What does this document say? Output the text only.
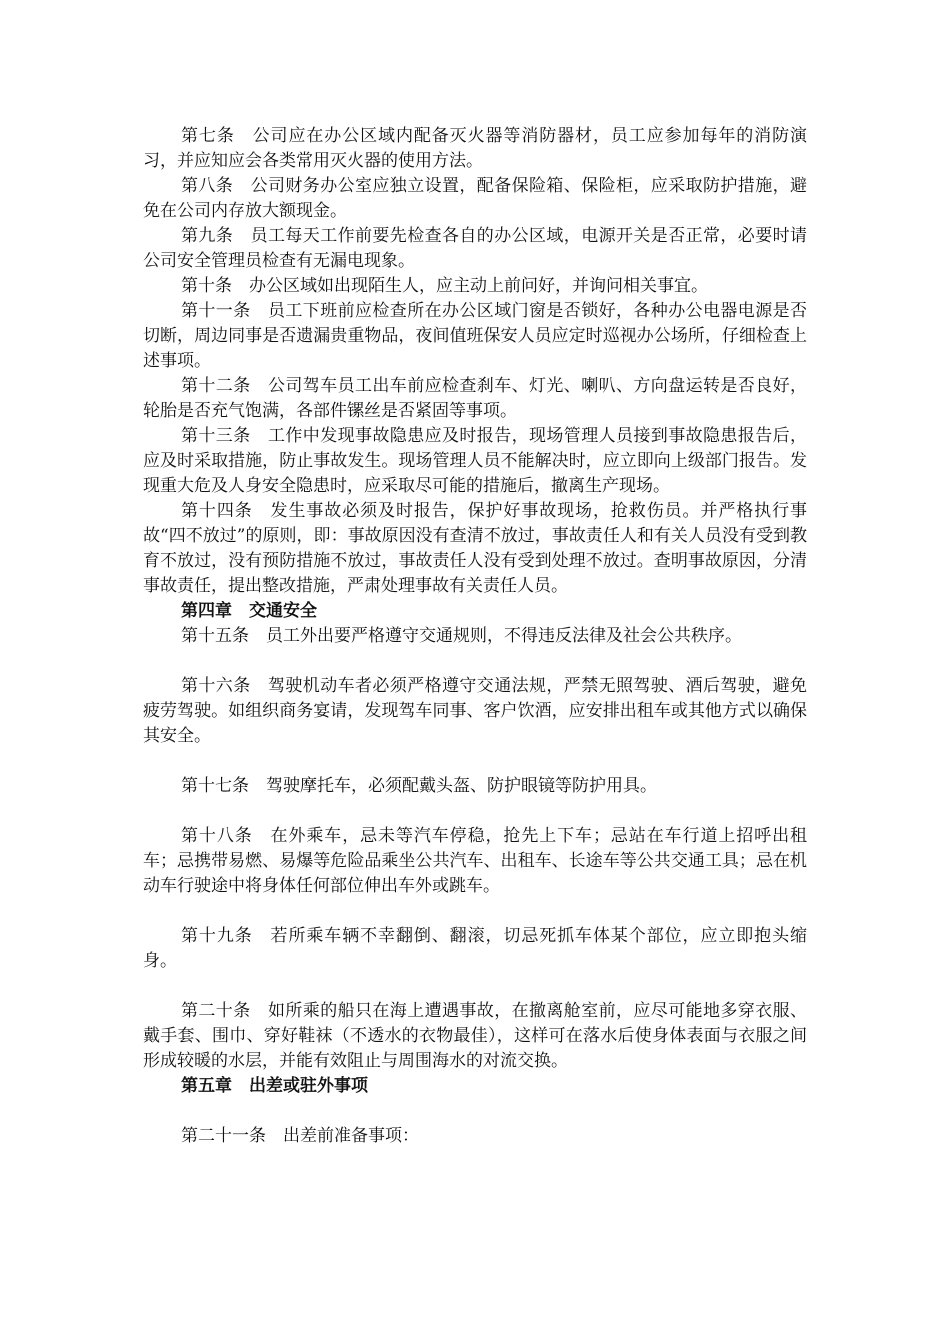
第七条　公司应在办公区域内配备灭火器等消防器材，员工应参加每年的消防演习，并应知应会各类常用灭火器的使用方法。

第八条　公司财务办公室应独立设置，配备保险箱、保险柜，应采取防护措施，避免在公司内存放大额现金。

第九条　员工每天工作前要先检查各自的办公区域，电源开关是否正常，必要时请公司安全管理员检查有无漏电现象。

第十条　办公区域如出现陌生人，应主动上前问好，并询问相关事宜。

第十一条　员工下班前应检查所在办公区域门窗是否锁好，各种办公电器电源是否切断，周边同事是否遗漏贵重物品，夜间值班保安人员应定时巡视办公场所，仔细检查上述事项。

第十二条　公司驾车员工出车前应检查刹车、灯光、喇叭、方向盘运转是否良好，轮胎是否充气饱满，各部件镙丝是否紧固等事项。

第十三条　工作中发现事故隐患应及时报告，现场管理人员接到事故隐患报告后，应及时采取措施，防止事故发生。现场管理人员不能解决时，应立即向上级部门报告。发现重大危及人身安全隐患时，应采取尽可能的措施后，撤离生产现场。

第十四条　发生事故必须及时报告，保护好事故现场，抢救伤员。并严格执行事故“四不放过”的原则，即：事故原因没有查清不放过，事故责任人和有关人员没有受到教育不放过，没有预防措施不放过，事故责任人没有受到处理不放过。查明事故原因，分清事故责任，提出整改措施，严肃处理事故有关责任人员。

第四章　交通安全

第十五条　员工外出要严格遵守交通规则，不得违反法律及社会公共秩序。

第十六条　驾驶机动车者必须严格遵守交通法规，严禁无照驾驶、酒后驾驶，避免疲劳驾驶。如组织商务宴请，发现驾车同事、客户饮酒，应安排出租车或其他方式以确保其安全。

第十七条　驾驶摩托车，必须配戴头盔、防护眼镜等防护用具。

第十八条　在外乘车，忌未等汽车停稳，抢先上下车；忌站在车行道上招呼出租车；忌携带易燃、易爆等危险品乘坐公共汽车、出租车、长途车等公共交通工具；忌在机动车行驶途中将身体任何部位伸出车外或跳车。

第十九条　若所乘车辆不幸翻倒、翻滚，切忌死抓车体某个部位，应立即抱头缩身。

第二十条　如所乘的船只在海上遭遇事故，在撤离舱室前，应尽可能地多穿衣服、戴手套、围巾、穿好鞋袜（不透水的衣物最佳），这样可在落水后使身体表面与衣服之间形成较暖的水层，并能有效阻止与周围海水的对流交换。

第五章　出差或驻外事项

第二十一条　出差前准备事项：
